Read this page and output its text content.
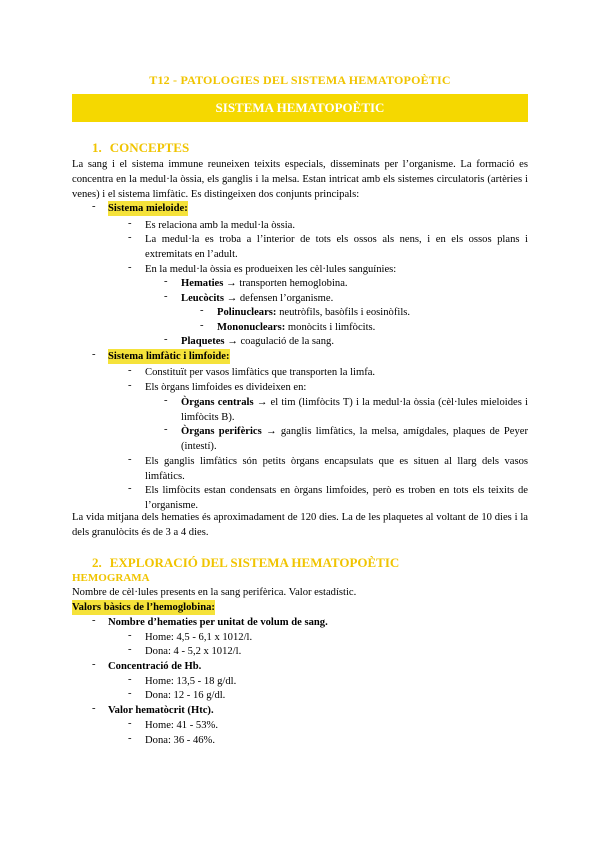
T12 - PATOLOGIES DEL SISTEMA HEMATOPOÈTIC
SISTEMA HEMATOPOÈTIC
1. CONCEPTES
La sang i el sistema immune reuneixen teixits especials, disseminats per l’organisme. La formació es concentra en la medul·la òssia, els ganglis i la melsa. Estan intricat amb els sistemes circulatoris (artèries i venes) i el sistema limfàtic. Es distingeixen dos conjunts principals:
- Sistema mieloide:
- Es relaciona amb la medul·la òssia.
- La medul·la es troba a l’interior de tots els ossos als nens, i en els ossos plans i extremitats en l’adult.
- En la medul·la òssia es produeixen les cèl·lules sanguínies:
- Hematies → transporten hemoglobina.
- Leucòcits → defensen l’organisme.
- Polinuclears: neutròfils, basòfils i eosinòfils.
- Mononuclears: monòcits i limfòcits.
- Plaquetes → coagulació de la sang.
- Sistema limfàtic i limfoide:
- Constituït per vasos limfàtics que transporten la limfa.
- Els òrgans limfoides es divideixen en:
- Òrgans centrals → el tim (limfòcits T) i la medul·la òssia (cèl·lules mieloides i limfòcits B).
- Òrgans perifèrics → ganglis limfàtics, la melsa, amígdales, plaques de Peyer (intestí).
- Els ganglis limfàtics són petits òrgans encapsulats que es situen al llarg dels vasos limfàtics.
- Els limfòcits estan condensats en òrgans limfoides, però es troben en tots els teixits de l’organisme.
La vida mitjana dels hematies és aproximadament de 120 dies. La de les plaquetes al voltant de 10 dies i la dels granulòcits és de 3 a 4 dies.
2. EXPLORACIÓ DEL SISTEMA HEMATOPOÈTIC
HEMOGRAMA
Nombre de cèl·lules presents en la sang perifèrica. Valor estadístic.
Valors bàsics de l’hemoglobina:
- Nombre d’hematies per unitat de volum de sang.
- Home: 4,5 - 6,1 x 1012/l.
- Dona: 4 - 5,2 x 1012/l.
- Concentració de Hb.
- Home: 13,5 - 18 g/dl.
- Dona: 12 - 16 g/dl.
- Valor hematòcrit (Htc).
- Home: 41 - 53%.
- Dona: 36 - 46%.
